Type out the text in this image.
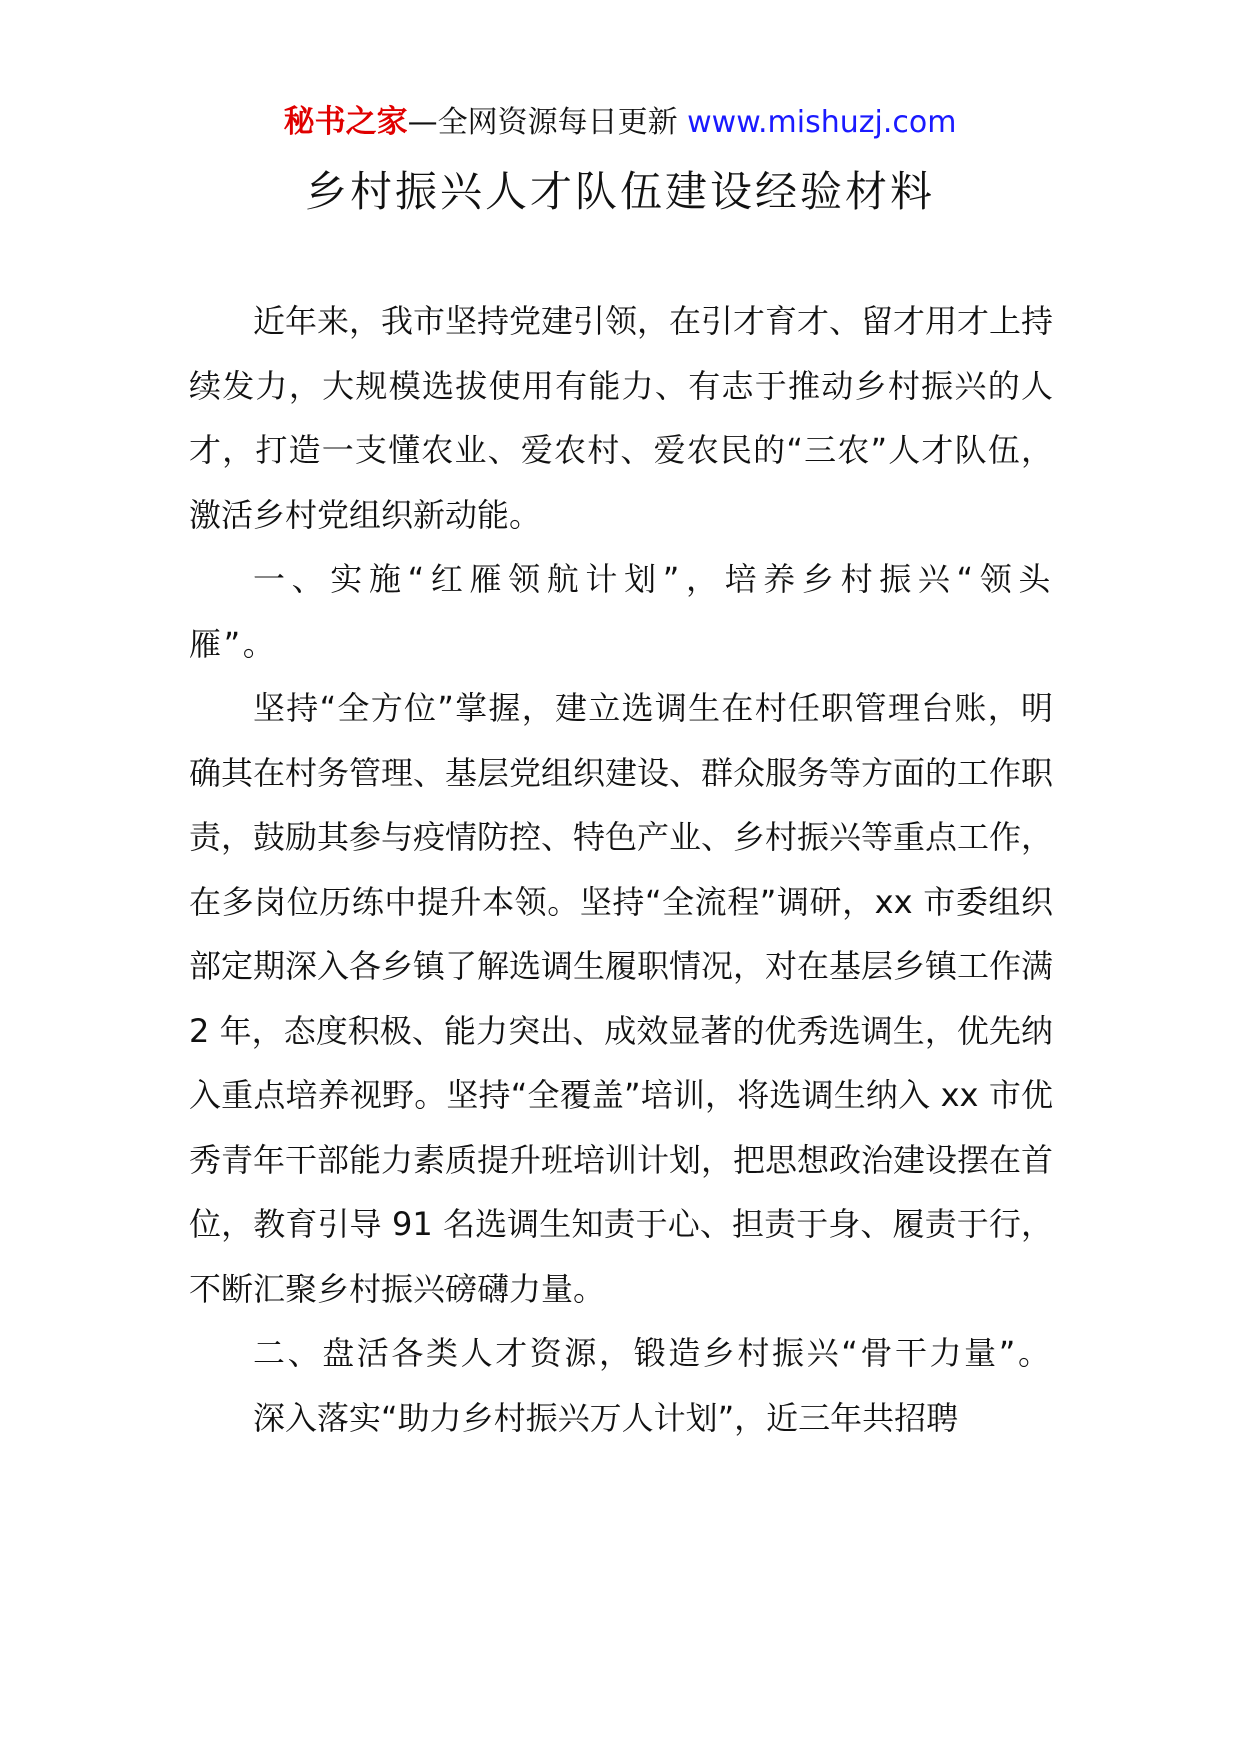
秘书之家—全网资源每日更新 www.mishuzj.com
乡村振兴人才队伍建设经验材料

近年来，我市坚持党建引领，在引才育才、留才用才上持续发力，大规模选拔使用有能力、有志于推动乡村振兴的人才，打造一支懂农业、爱农村、爱农民的“三农”人才队伍，激活乡村党组织新动能。

一、实施“红雁领航计划”，培养乡村振兴“领头雁”。

坚持“全方位”掌握，建立选调生在村任职管理台账，明确其在村务管理、基层党组织建设、群众服务等方面的工作职责，鼓励其参与疫情防控、特色产业、乡村振兴等重点工作，在多岗位历练中提升本领。坚持“全流程”调研，xx 市委组织部定期深入各乡镇了解选调生履职情况，对在基层乡镇工作满 2 年，态度积极、能力突出、成效显著的优秀选调生，优先纳入重点培养视野。坚持“全覆盖”培训，将选调生纳入 xx 市优秀青年干部能力素质提升班培训计划，把思想政治建设摆在首位，教育引导 91 名选调生知责于心、担责于身、履责于行，不断汇聚乡村振兴磅礴力量。

二、盘活各类人才资源，锻造乡村振兴“骨干力量”。

深入落实“助力乡村振兴万人计划”，近三年共招聘
